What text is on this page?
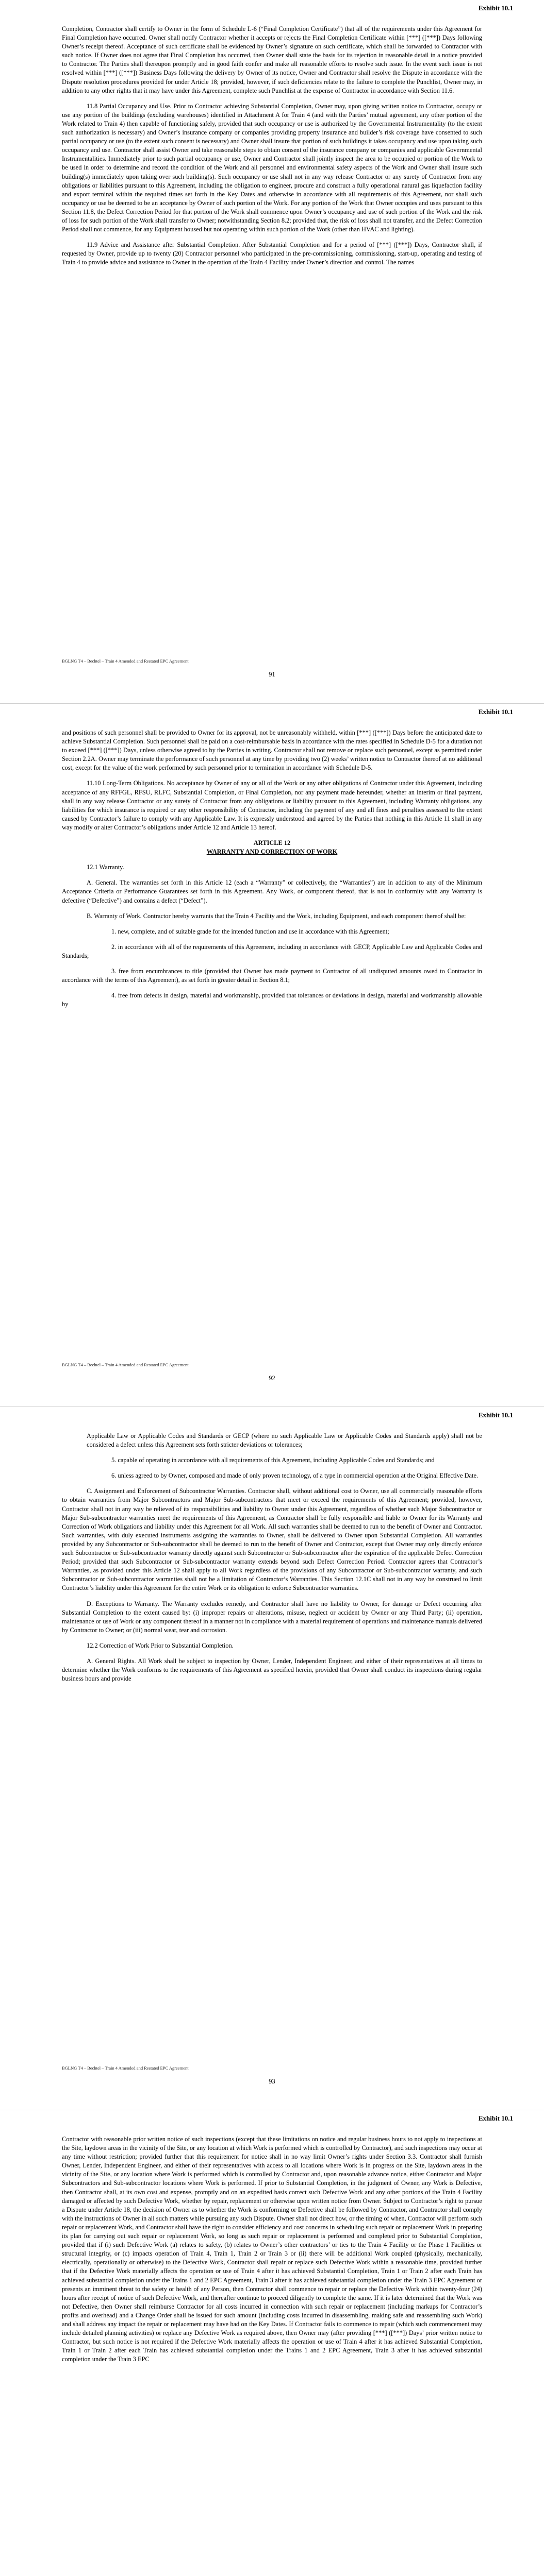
Exhibit 10.1

Completion, Contractor shall certify to Owner in the form of Schedule L-6 (“Final Completion Certificate”) that all of the requirements under this Agreement for Final Completion have occurred. Owner shall notify Contractor whether it accepts or rejects the Final Completion Certificate within [***] ([***]) Days following Owner’s receipt thereof. Acceptance of such certificate shall be evidenced by Owner’s signature on such certificate, which shall be forwarded to Contractor with such notice. If Owner does not agree that Final Completion has occurred, then Owner shall state the basis for its rejection in reasonable detail in a notice provided to Contractor. The Parties shall thereupon promptly and in good faith confer and make all reasonable efforts to resolve such issue. In the event such issue is not resolved within [***] ([***]) Business Days following the delivery by Owner of its notice, Owner and Contractor shall resolve the Dispute in accordance with the Dispute resolution procedures provided for under Article 18; provided, however, if such deficiencies relate to the failure to complete the Punchlist, Owner may, in addition to any other rights that it may have under this Agreement, complete such Punchlist at the expense of Contractor in accordance with Section 11.6.

11.8 Partial Occupancy and Use. Prior to Contractor achieving Substantial Completion, Owner may, upon giving written notice to Contractor, occupy or use any portion of the buildings (excluding warehouses) identified in Attachment A for Train 4 (and with the Parties’ mutual agreement, any other portion of the Work related to Train 4) then capable of functioning safely, provided that such occupancy or use is authorized by the Governmental Instrumentality (to the extent such authorization is necessary) and Owner’s insurance company or companies providing property insurance and builder’s risk coverage have consented to such partial occupancy or use (to the extent such consent is necessary) and Owner shall insure that portion of such buildings it takes occupancy and use upon taking such occupancy and use. Contractor shall assist Owner and take reasonable steps to obtain consent of the insurance company or companies and applicable Governmental Instrumentalities. Immediately prior to such partial occupancy or use, Owner and Contractor shall jointly inspect the area to be occupied or portion of the Work to be used in order to determine and record the condition of the Work and all personnel and environmental safety aspects of the Work and Owner shall insure such building(s) immediately upon taking over such building(s). Such occupancy or use shall not in any way release Contractor or any surety of Contractor from any obligations or liabilities pursuant to this Agreement, including the obligation to engineer, procure and construct a fully operational natural gas liquefaction facility and export terminal within the required times set forth in the Key Dates and otherwise in accordance with all requirements of this Agreement, nor shall such occupancy or use be deemed to be an acceptance by Owner of such portion of the Work. For any portion of the Work that Owner occupies and uses pursuant to this Section 11.8, the Defect Correction Period for that portion of the Work shall commence upon Owner’s occupancy and use of such portion of the Work and the risk of loss for such portion of the Work shall transfer to Owner; notwithstanding Section 8.2; provided that, the risk of loss shall not transfer, and the Defect Correction Period shall not commence, for any Equipment housed but not operating within such portion of the Work (other than HVAC and lighting).

11.9 Advice and Assistance after Substantial Completion. After Substantial Completion and for a period of [***] ([***]) Days, Contractor shall, if requested by Owner, provide up to twenty (20) Contractor personnel who participated in the pre-commissioning, commissioning, start-up, operating and testing of Train 4 to provide advice and assistance to Owner in the operation of the Train 4 Facility under Owner’s direction and control. The names

BGLNG T4 – Bechtel – Train 4 Amended and Restated EPC Agreement
91
Exhibit 10.1

and positions of such personnel shall be provided to Owner for its approval, not be unreasonably withheld, within [***] ([***]) Days before the anticipated date to achieve Substantial Completion. Such personnel shall be paid on a cost-reimbursable basis in accordance with the rates specified in Schedule D-5 for a duration not to exceed [***] ([***]) Days, unless otherwise agreed to by the Parties in writing. Contractor shall not remove or replace such personnel, except as permitted under Section 2.2A. Owner may terminate the performance of such personnel at any time by providing two (2) weeks’ written notice to Contractor thereof at no additional cost, except for the value of the work performed by such personnel prior to termination in accordance with Schedule D-5.

11.10 Long-Term Obligations. No acceptance by Owner of any or all of the Work or any other obligations of Contractor under this Agreement, including acceptance of any RFFGL, RFSU, RLFC, Substantial Completion, or Final Completion, nor any payment made hereunder, whether an interim or final payment, shall in any way release Contractor or any surety of Contractor from any obligations or liability pursuant to this Agreement, including Warranty obligations, any liabilities for which insurance is required or any other responsibility of Contractor, including the payment of any and all fines and penalties assessed to the extent caused by Contractor’s failure to comply with any Applicable Law. It is expressly understood and agreed by the Parties that nothing in this Article 11 shall in any way modify or alter Contractor’s obligations under Article 12 and Article 13 hereof.

ARTICLE 12
WARRANTY AND CORRECTION OF WORK

12.1 Warranty.

A. General. The warranties set forth in this Article 12 (each a “Warranty” or collectively, the “Warranties”) are in addition to any of the Minimum Acceptance Criteria or Performance Guarantees set forth in this Agreement. Any Work, or component thereof, that is not in conformity with any Warranty is defective (“Defective”) and contains a defect (“Defect”).

B. Warranty of Work. Contractor hereby warrants that the Train 4 Facility and the Work, including Equipment, and each component thereof shall be:

1. new, complete, and of suitable grade for the intended function and use in accordance with this Agreement;

2. in accordance with all of the requirements of this Agreement, including in accordance with GECP, Applicable Law and Applicable Codes and Standards;

3. free from encumbrances to title (provided that Owner has made payment to Contractor of all undisputed amounts owed to Contractor in accordance with the terms of this Agreement), as set forth in greater detail in Section 8.1;

4. free from defects in design, material and workmanship, provided that tolerances or deviations in design, material and workmanship allowable by

BGLNG T4 – Bechtel – Train 4 Amended and Restated EPC Agreement
92
Exhibit 10.1

Applicable Law or Applicable Codes and Standards or GECP (where no such Applicable Law or Applicable Codes and Standards apply) shall not be considered a defect unless this Agreement sets forth stricter deviations or tolerances;

5. capable of operating in accordance with all requirements of this Agreement, including Applicable Codes and Standards; and

6. unless agreed to by Owner, composed and made of only proven technology, of a type in commercial operation at the Original Effective Date.

C. Assignment and Enforcement of Subcontractor Warranties. Contractor shall, without additional cost to Owner, use all commercially reasonable efforts to obtain warranties from Major Subcontractors and Major Sub-subcontractors that meet or exceed the requirements of this Agreement; provided, however, Contractor shall not in any way be relieved of its responsibilities and liability to Owner under this Agreement, regardless of whether such Major Subcontractor or Major Sub-subcontractor warranties meet the requirements of this Agreement, as Contractor shall be fully responsible and liable to Owner for its Warranty and Correction of Work obligations and liability under this Agreement for all Work. All such warranties shall be deemed to run to the benefit of Owner and Contractor. Such warranties, with duly executed instruments assigning the warranties to Owner, shall be delivered to Owner upon Substantial Completion. All warranties provided by any Subcontractor or Sub-subcontractor shall be deemed to run to the benefit of Owner and Contractor, except that Owner may only directly enforce such Subcontractor or Sub-subcontractor warranty directly against such Subcontractor or Sub-subcontractor after the expiration of the applicable Defect Correction Period; provided that such Subcontractor or Sub-subcontractor warranty extends beyond such Defect Correction Period. Contractor agrees that Contractor’s Warranties, as provided under this Article 12 shall apply to all Work regardless of the provisions of any Subcontractor or Sub-subcontractor warranty, and such Subcontractor or Sub-subcontractor warranties shall not be a limitation of Contractor’s Warranties. This Section 12.1C shall not in any way be construed to limit Contractor’s liability under this Agreement for the entire Work or its obligation to enforce Subcontractor warranties.

D. Exceptions to Warranty. The Warranty excludes remedy, and Contractor shall have no liability to Owner, for damage or Defect occurring after Substantial Completion to the extent caused by: (i) improper repairs or alterations, misuse, neglect or accident by Owner or any Third Party; (ii) operation, maintenance or use of Work or any component thereof in a manner not in compliance with a material requirement of operations and maintenance manuals delivered by Contractor to Owner; or (iii) normal wear, tear and corrosion.

12.2 Correction of Work Prior to Substantial Completion.

A. General Rights. All Work shall be subject to inspection by Owner, Lender, Independent Engineer, and either of their representatives at all times to determine whether the Work conforms to the requirements of this Agreement as specified herein, provided that Owner shall conduct its inspections during regular business hours and provide

BGLNG T4 – Bechtel – Train 4 Amended and Restated EPC Agreement
93
Exhibit 10.1

Contractor with reasonable prior written notice of such inspections (except that these limitations on notice and regular business hours to not apply to inspections at the Site, laydown areas in the vicinity of the Site, or any location at which Work is performed which is controlled by Contractor), and such inspections may occur at any time without restriction; provided further that this requirement for notice shall in no way limit Owner’s rights under Section 3.3. Contractor shall furnish Owner, Lender, Independent Engineer, and either of their representatives with access to all locations where Work is in progress on the Site, laydown areas in the vicinity of the Site, or any location where Work is performed which is controlled by Contractor and, upon reasonable advance notice, either Contractor and Major Subcontractors and Sub-subcontractor locations where Work is performed. If prior to Substantial Completion, in the judgment of Owner, any Work is Defective, then Contractor shall, at its own cost and expense, promptly and on an expedited basis correct such Defective Work and any other portions of the Train 4 Facility damaged or affected by such Defective Work, whether by repair, replacement or otherwise upon written notice from Owner. Subject to Contractor’s right to pursue a Dispute under Article 18, the decision of Owner as to whether the Work is conforming or Defective shall be followed by Contractor, and Contractor shall comply with the instructions of Owner in all such matters while pursuing any such Dispute. Owner shall not direct how, or the timing of when, Contractor will perform such repair or replacement Work, and Contractor shall have the right to consider efficiency and cost concerns in scheduling such repair or replacement Work in preparing its plan for carrying out such repair or replacement Work, so long as such repair or replacement is performed and completed prior to Substantial Completion, provided that if (i) such Defective Work (a) relates to safety, (b) relates to Owner’s other contractors’ or ties to the Train 4 Facility or the Phase 1 Facilities or structural integrity, or (c) impacts operation of Train 4, Train 1, Train 2 or Train 3 or (ii) there will be additional Work coupled (physically, mechanically, electrically, operationally or otherwise) to the Defective Work, Contractor shall repair or replace such Defective Work within a reasonable time, provided further that if the Defective Work materially affects the operation or use of Train 4 after it has achieved Substantial Completion, Train 1 or Train 2 after each Train has achieved substantial completion under the Trains 1 and 2 EPC Agreement, Train 3 after it has achieved substantial completion under the Train 3 EPC Agreement or presents an imminent threat to the safety or health of any Person, then Contractor shall commence to repair or replace the Defective Work within twenty-four (24) hours after receipt of notice of such Defective Work, and thereafter continue to proceed diligently to complete the same. If it is later determined that the Work was not Defective, then Owner shall reimburse Contractor for all costs incurred in connection with such repair or replacement (including markups for Contractor’s profits and overhead) and a Change Order shall be issued for such amount (including costs incurred in disassembling, making safe and reassembling such Work) and shall address any impact the repair or replacement may have had on the Key Dates. If Contractor fails to commence to repair (which such commencement may include detailed planning activities) or replace any Defective Work as required above, then Owner may (after providing [***] ([***]) Days’ prior written notice to Contractor, but such notice is not required if the Defective Work materially affects the operation or use of Train 4 after it has achieved Substantial Completion, Train 1 or Train 2 after each Train has achieved substantial completion under the Trains 1 and 2 EPC Agreement, Train 3 after it has achieved substantial completion under the Train 3 EPC
